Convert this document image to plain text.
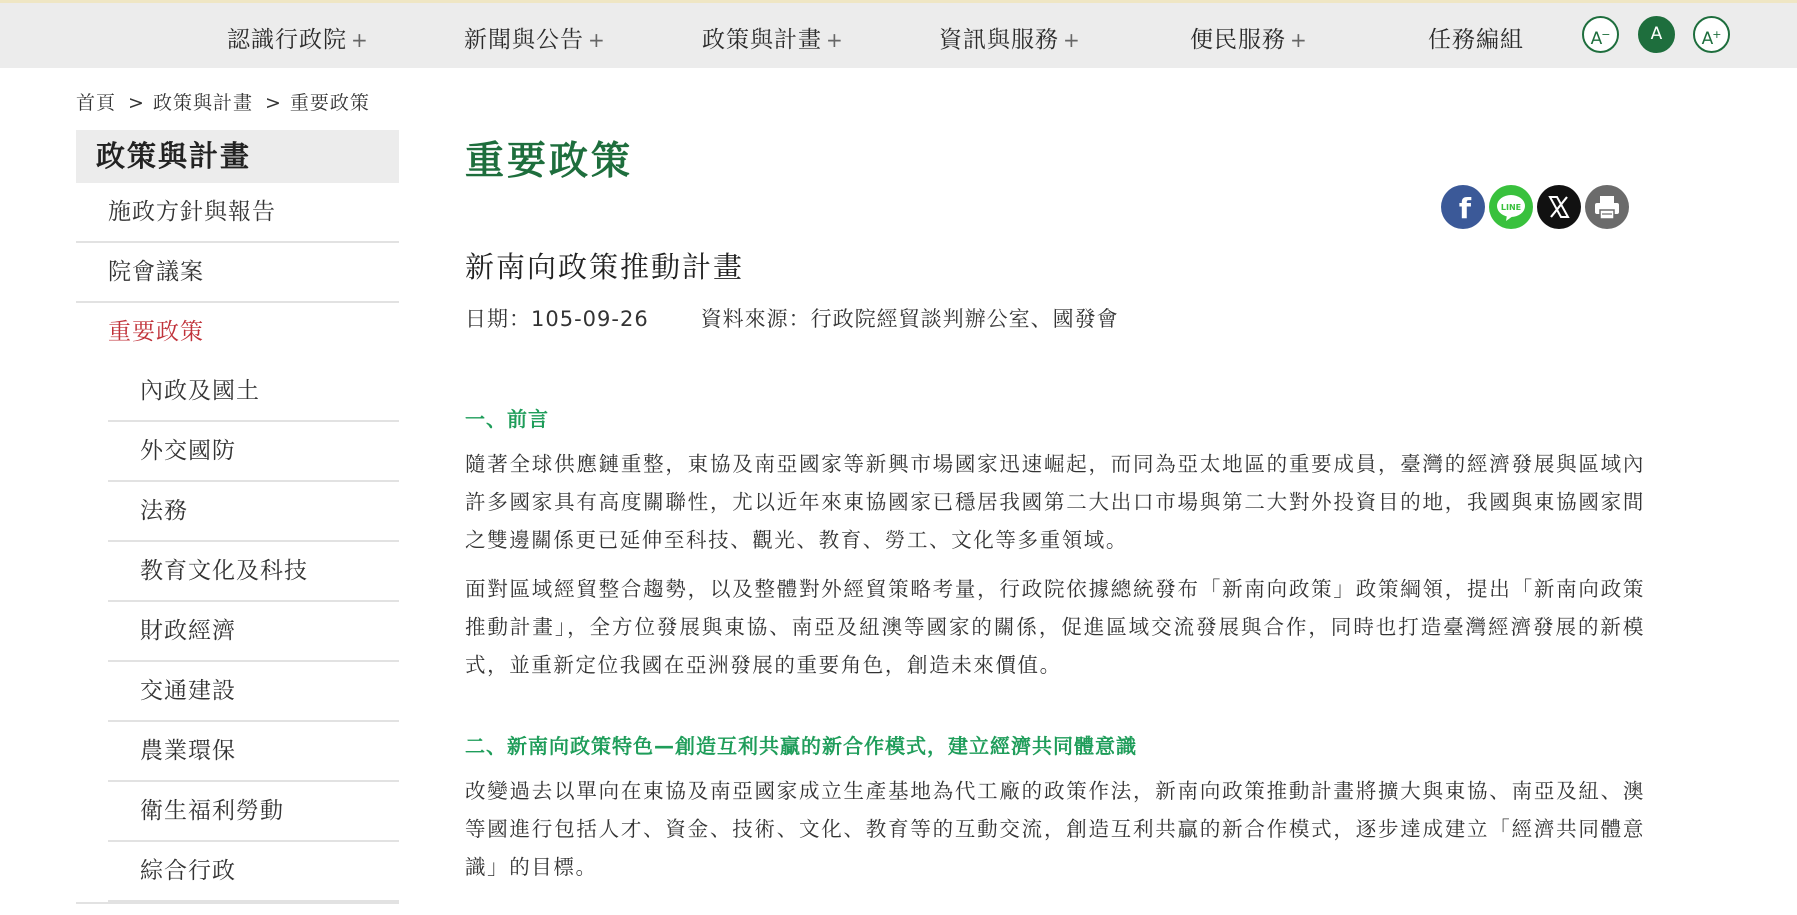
認識行政院 +	新聞與公告 +	政策與計畫 +	資訊與服務 +	便民服務 +	任務編組	A−	A	A+
首頁 > 政策與計畫 > 重要政策
政策與計畫
施政方針與報告
院會議案
重要政策
內政及國土
外交國防
法務
教育文化及科技
財政經濟
交通建設
農業環保
衛生福利勞動
綜合行政
重要政策
f	LINE
新南向政策推動計畫
日期：105-09-26 資料來源：行政院經貿談判辦公室、國發會
一、前言
隨著全球供應鏈重整，東協及南亞國家等新興市場國家迅速崛起，而同為亞太地區的重要成員，臺灣的經濟發展與區域內許多國家具有高度關聯性，尤以近年來東協國家已穩居我國第二大出口市場與第二大對外投資目的地，我國與東協國家間之雙邊關係更已延伸至科技、觀光、教育、勞工、文化等多重領域。
面對區域經貿整合趨勢，以及整體對外經貿策略考量，行政院依據總統發布「新南向政策」政策綱領，提出「新南向政策推動計畫」，全方位發展與東協、南亞及紐澳等國家的關係，促進區域交流發展與合作，同時也打造臺灣經濟發展的新模式，並重新定位我國在亞洲發展的重要角色，創造未來價值。
二、新南向政策特色—創造互利共贏的新合作模式，建立經濟共同體意識
改變過去以單向在東協及南亞國家成立生產基地為代工廠的政策作法，新南向政策推動計畫將擴大與東協、南亞及紐、澳等國進行包括人才、資金、技術、文化、教育等的互動交流，創造互利共贏的新合作模式，逐步達成建立「經濟共同體意識」的目標。
